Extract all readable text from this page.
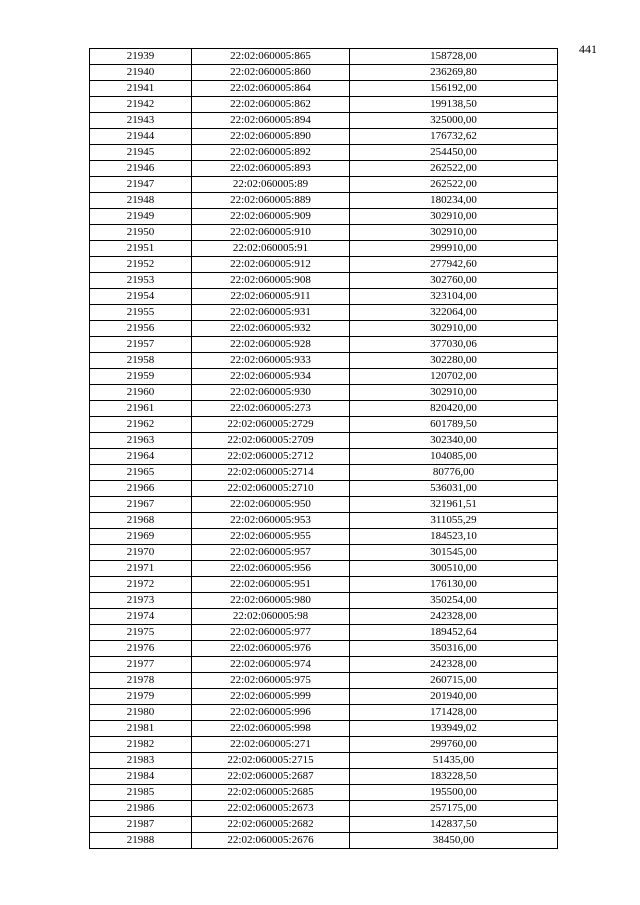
441
21939	22:02:060005:865	158728,00
21940	22:02:060005:860	236269,80
21941	22:02:060005:864	156192,00
21942	22:02:060005:862	199138,50
21943	22:02:060005:894	325000,00
21944	22:02:060005:890	176732,62
21945	22:02:060005:892	254450,00
21946	22:02:060005:893	262522,00
21947	22:02:060005:89	262522,00
21948	22:02:060005:889	180234,00
21949	22:02:060005:909	302910,00
21950	22:02:060005:910	302910,00
21951	22:02:060005:91	299910,00
21952	22:02:060005:912	277942,60
21953	22:02:060005:908	302760,00
21954	22:02:060005:911	323104,00
21955	22:02:060005:931	322064,00
21956	22:02:060005:932	302910,00
21957	22:02:060005:928	377030,06
21958	22:02:060005:933	302280,00
21959	22:02:060005:934	120702,00
21960	22:02:060005:930	302910,00
21961	22:02:060005:273	820420,00
21962	22:02:060005:2729	601789,50
21963	22:02:060005:2709	302340,00
21964	22:02:060005:2712	104085,00
21965	22:02:060005:2714	80776,00
21966	22:02:060005:2710	536031,00
21967	22:02:060005:950	321961,51
21968	22:02:060005:953	311055,29
21969	22:02:060005:955	184523,10
21970	22:02:060005:957	301545,00
21971	22:02:060005:956	300510,00
21972	22:02:060005:951	176130,00
21973	22:02:060005:980	350254,00
21974	22:02:060005:98	242328,00
21975	22:02:060005:977	189452,64
21976	22:02:060005:976	350316,00
21977	22:02:060005:974	242328,00
21978	22:02:060005:975	260715,00
21979	22:02:060005:999	201940,00
21980	22:02:060005:996	171428,00
21981	22:02:060005:998	193949,02
21982	22:02:060005:271	299760,00
21983	22:02:060005:2715	51435,00
21984	22:02:060005:2687	183228,50
21985	22:02:060005:2685	195500,00
21986	22:02:060005:2673	257175,00
21987	22:02:060005:2682	142837,50
21988	22:02:060005:2676	38450,00
